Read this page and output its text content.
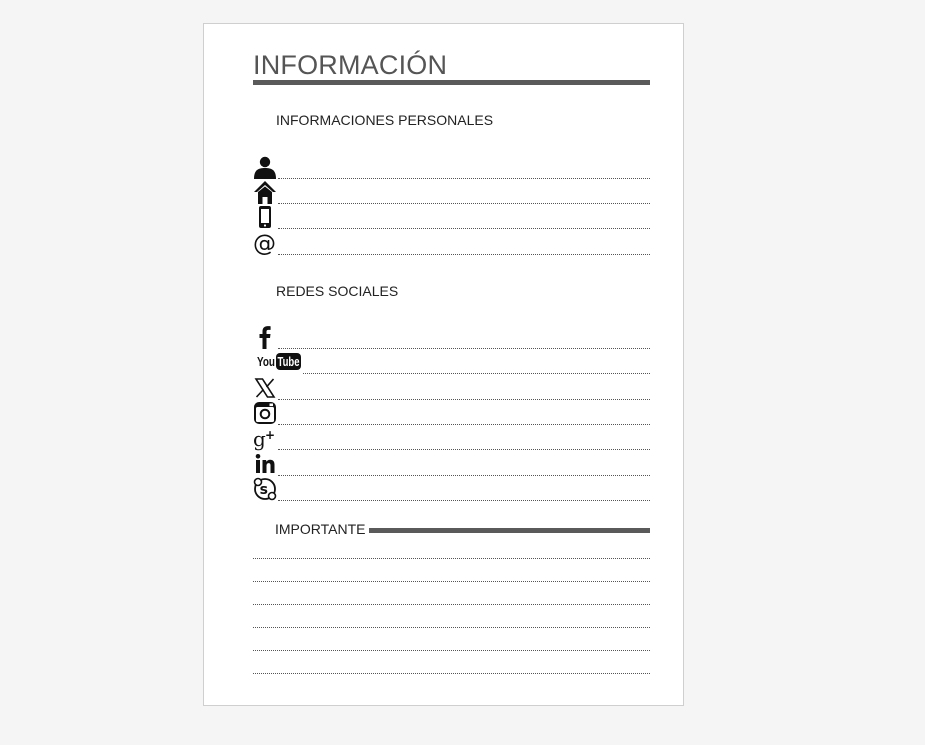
INFORMACIÓN
INFORMACIONES PERSONALES
@
REDES SOCIALES
You Tube
g +
s
IMPORTANTE
